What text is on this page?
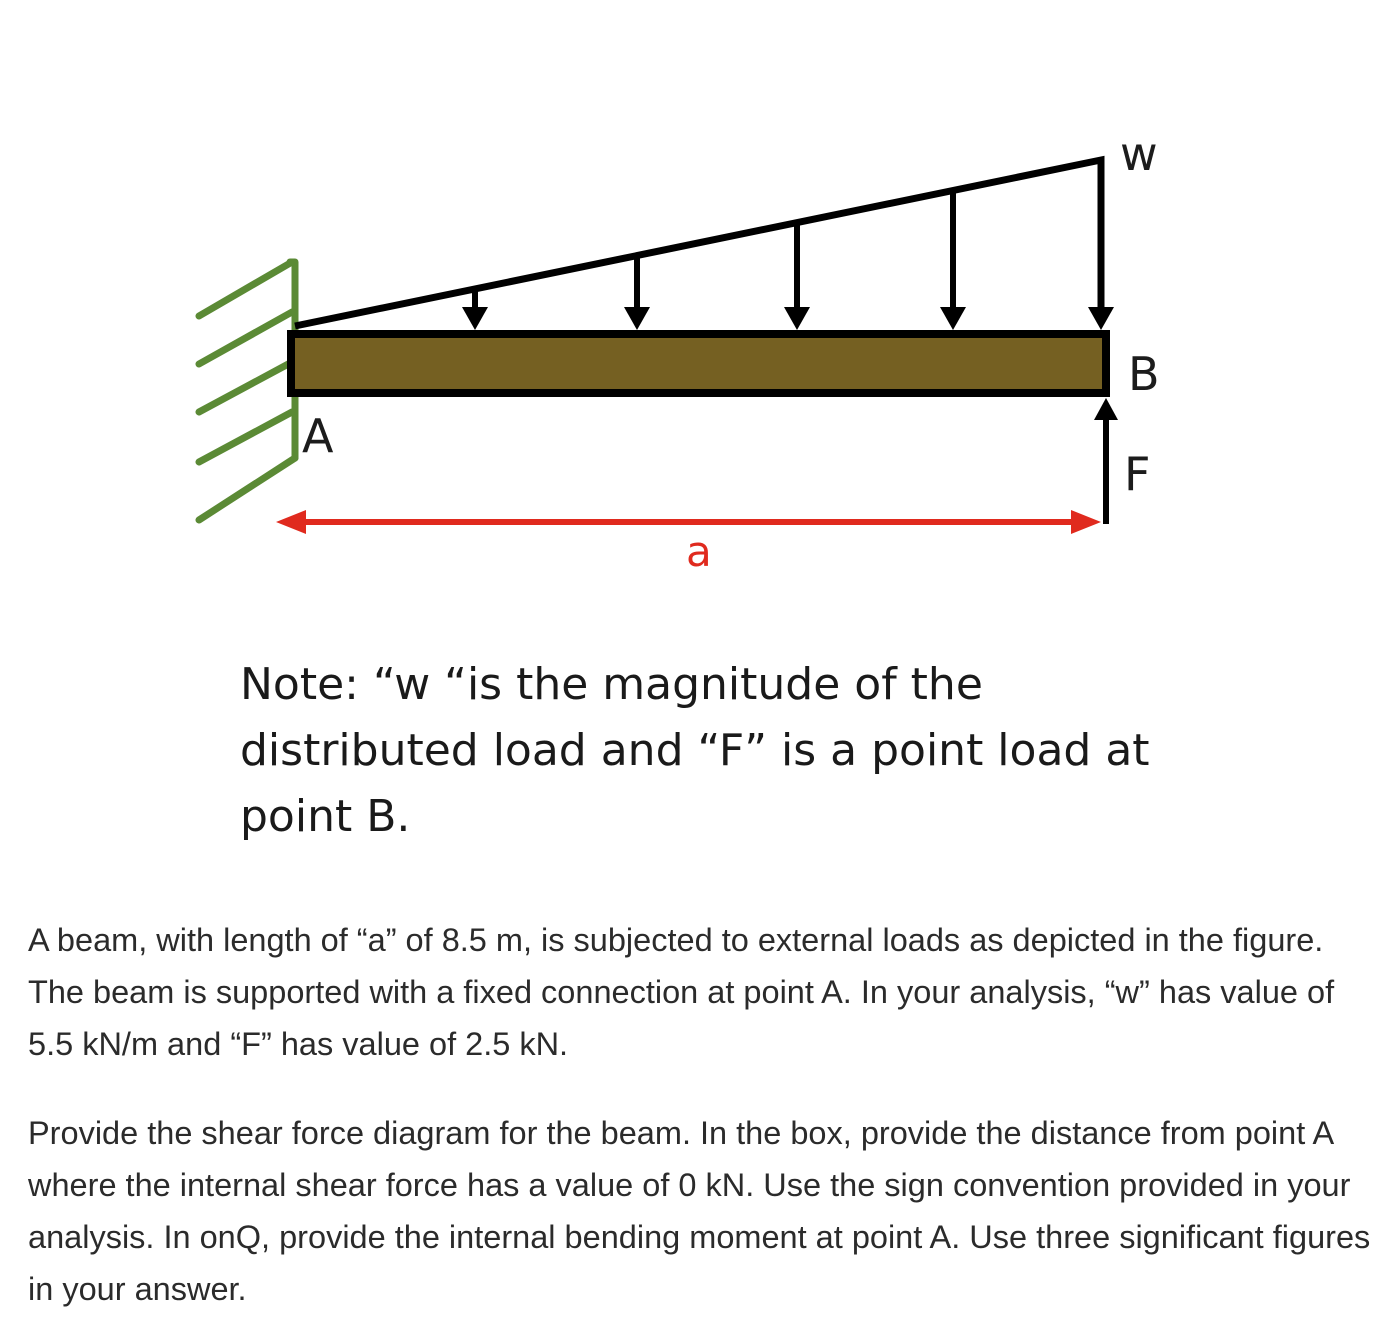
w
A
B
F
a

Note: “w “is the magnitude of the distributed load and “F” is a point load at point B.

A beam, with length of “a” of 8.5 m, is subjected to external loads as depicted in the figure. The beam is supported with a fixed connection at point A. In your analysis, “w” has value of 5.5 kN/m and “F” has value of 2.5 kN.

Provide the shear force diagram for the beam. In the box, provide the distance from point A where the internal shear force has a value of 0 kN. Use the sign convention provided in your analysis. In onQ, provide the internal bending moment at point A. Use three significant figures in your answer.
